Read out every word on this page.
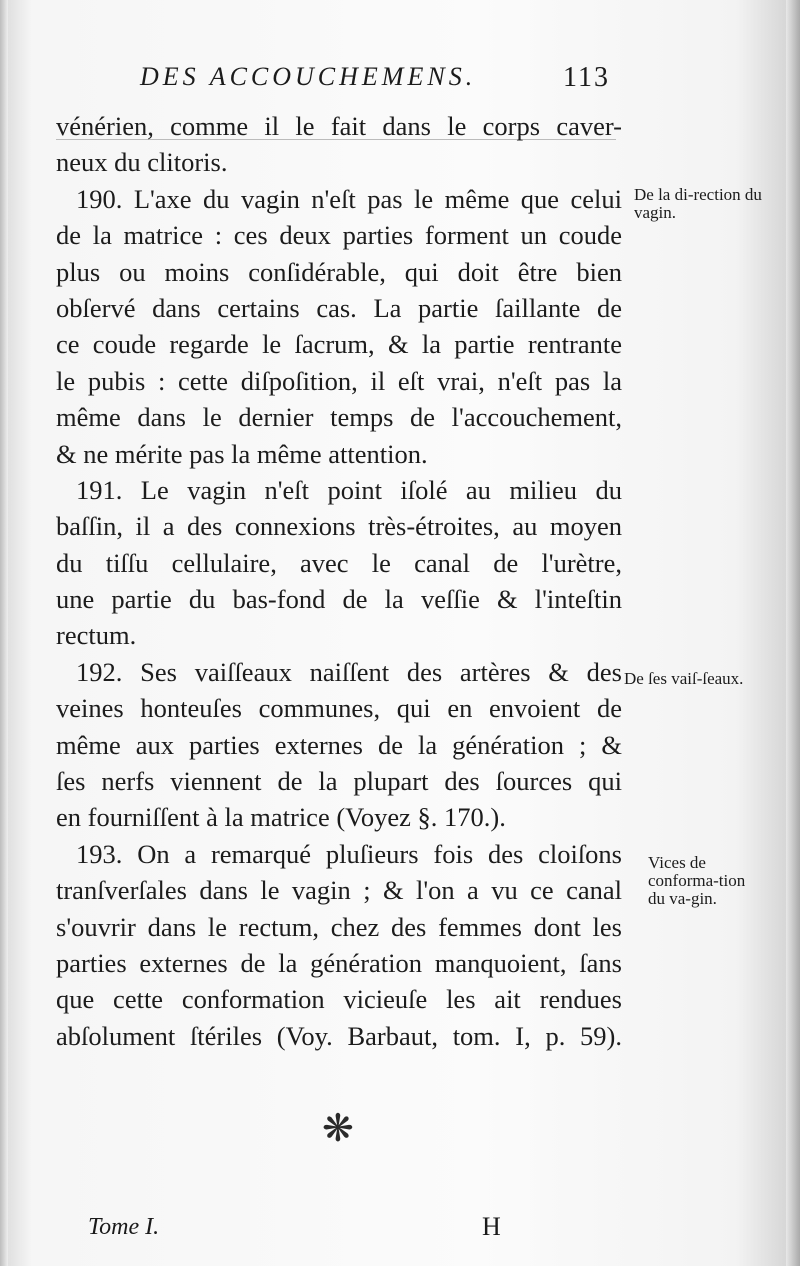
DES ACCOUCHEMENS.	113
vénérien, comme il le fait dans le corps caver-
neux du clitoris.
190. L'axe du vagin n'eſt pas le même que celui
de la matrice : ces deux parties forment un coude
plus ou moins conſidérable, qui doit être bien
obſervé dans certains cas. La partie ſaillante de
ce coude regarde le ſacrum, & la partie rentrante
le pubis : cette diſpoſition, il eſt vrai, n'eſt pas la
même dans le dernier temps de l'accouchement,
& ne mérite pas la même attention.
191. Le vagin n'eſt point iſolé au milieu du
baſſin, il a des connexions très-étroites, au moyen
du tiſſu cellulaire, avec le canal de l'urètre,
une partie du bas-fond de la veſſie & l'inteſtin
rectum.
192. Ses vaiſſeaux naiſſent des artères & des
veines honteuſes communes, qui en envoient de
même aux parties externes de la génération ; &
ſes nerfs viennent de la plupart des ſources qui
en fourniſſent à la matrice (Voyez §. 170.).
193. On a remarqué pluſieurs fois des cloiſons
tranſverſales dans le vagin ; & l'on a vu ce canal
s'ouvrir dans le rectum, chez des femmes dont les
parties externes de la génération manquoient, ſans
que cette conformation vicieuſe les ait rendues
abſolument ſtériles (Voy. Barbaut, tom. I, p. 59).
De la di-rection du vagin.
De ſes vaiſ-ſeaux.
Vices de conforma-tion du va-gin.
❋
Tome I.	H
